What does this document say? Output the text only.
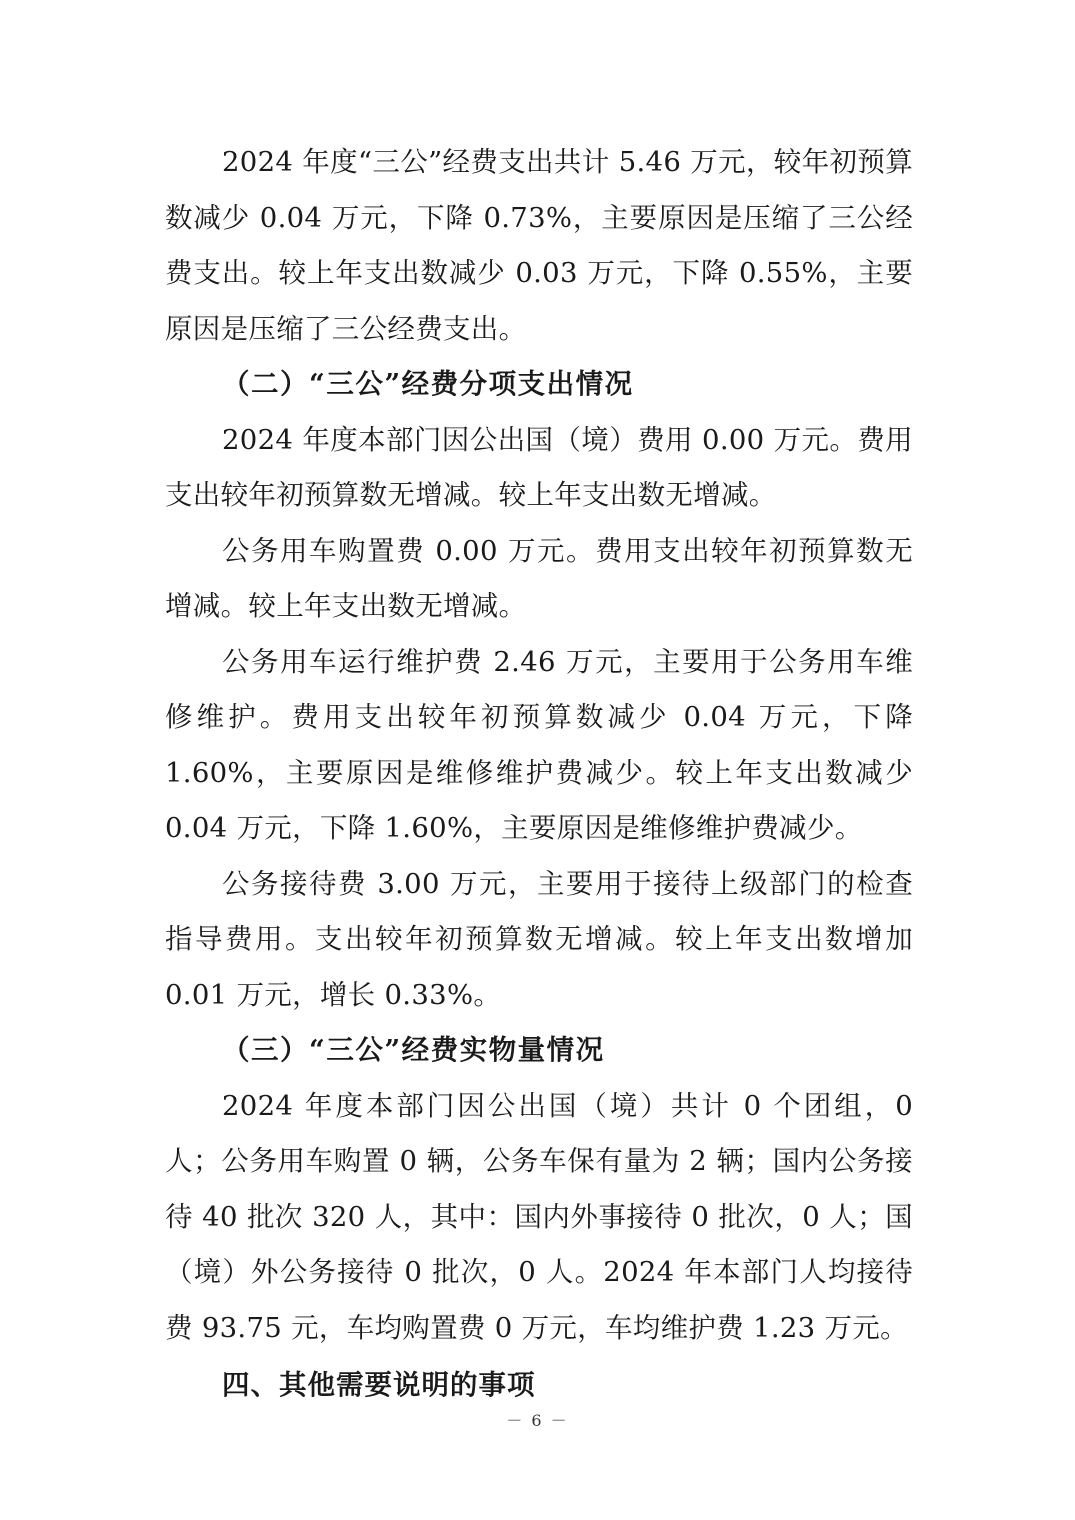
2024 年度“三公”经费支出共计 5.46 万元，较年初预算数减少 0.04 万元，下降 0.73%，主要原因是压缩了三公经费支出。较上年支出数减少 0.03 万元，下降 0.55%，主要原因是压缩了三公经费支出。

（二）“三公”经费分项支出情况

2024 年度本部门因公出国（境）费用 0.00 万元。费用支出较年初预算数无增减。较上年支出数无增减。

公务用车购置费 0.00 万元。费用支出较年初预算数无增减。较上年支出数无增减。

公务用车运行维护费 2.46 万元，主要用于公务用车维修维护。费用支出较年初预算数减少 0.04 万元，下降 1.60%，主要原因是维修维护费减少。较上年支出数减少 0.04 万元，下降 1.60%，主要原因是维修维护费减少。

公务接待费 3.00 万元，主要用于接待上级部门的检查指导费用。支出较年初预算数无增减。较上年支出数增加 0.01 万元，增长 0.33%。

（三）“三公”经费实物量情况

2024 年度本部门因公出国（境）共计 0 个团组，0 人；公务用车购置 0 辆，公务车保有量为 2 辆；国内公务接待 40 批次 320 人，其中：国内外事接待 0 批次，0 人；国（境）外公务接待 0 批次，0 人。2024 年本部门人均接待费 93.75 元，车均购置费 0 万元，车均维护费 1.23 万元。

四、其他需要说明的事项

－ 6 －
